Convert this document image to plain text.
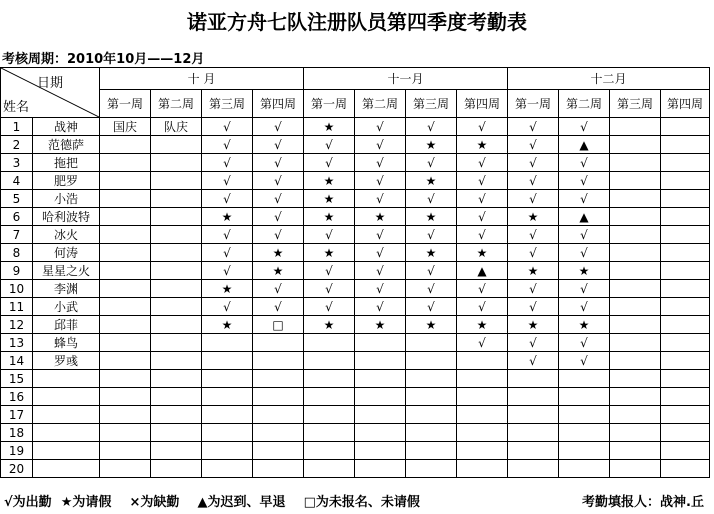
诺亚方舟七队注册队员第四季度考勤表
考核周期：2010年10月——12月
日期
姓名		十 月				十一月				十二月			
		第一周	第二周	第三周	第四周	第一周	第二周	第三周	第四周	第一周	第二周	第三周	第四周
1	战神	国庆	队庆	√	√	★	√	√	√	√	√		
2	范德萨			√	√	√	√	★	★	√	▲		
3	拖把			√	√	√	√	√	√	√	√		
4	肥罗			√	√	★	√	★	√	√	√		
5	小浩			√	√	★	√	√	√	√	√		
6	哈利波特			★	√	★	★	★	√	★	▲		
7	冰火			√	√	√	√	√	√	√	√		
8	何涛			√	★	★	√	★	★	√	√		
9	星星之火			√	★	√	√	√	▲	★	★		
10	李渊			★	√	√	√	√	√	√	√		
11	小武			√	√	√	√	√	√	√	√		
12	邱菲			★	□	★	★	★	★	★	★		
13	蜂鸟								√	√	√		
14	罗彧									√	√		
15													
16													
17													
18													
19													
20													
√为出勤 ★为请假 ×为缺勤 ▲为迟到、早退 □为未报名、未请假	考勤填报人：战神.丘
